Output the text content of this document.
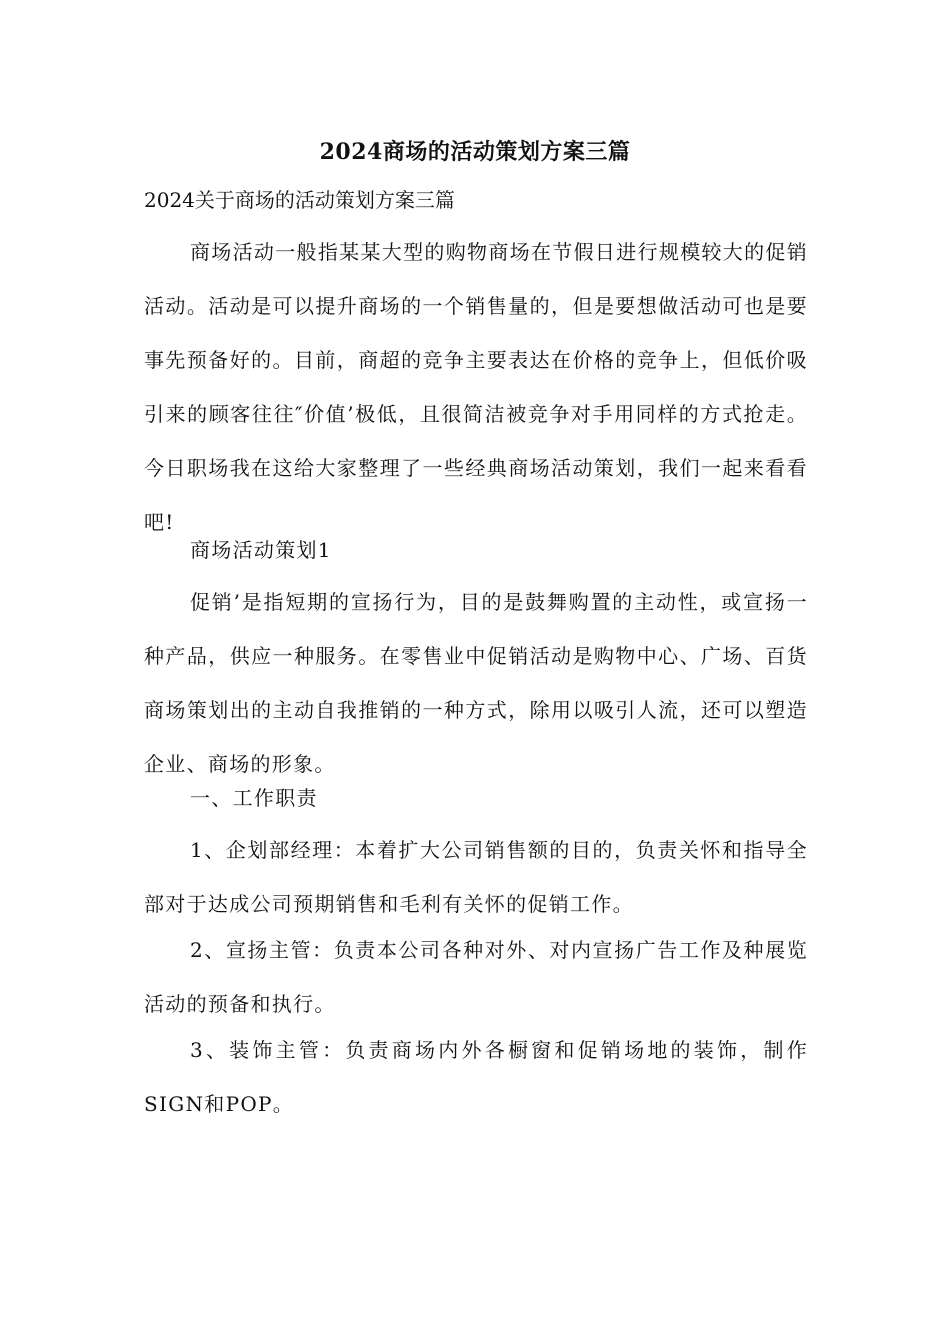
2024商场的活动策划方案三篇
2024关于商场的活动策划方案三篇

商场活动一般指某某大型的购物商场在节假日进行规模较大的促销活动。活动是可以提升商场的一个销售量的，但是要想做活动可也是要事先预备好的。目前，商超的竞争主要表达在价格的竞争上，但低价吸引来的顾客往往″价值’极低，且很简洁被竞争对手用同样的方式抢走。今日职场我在这给大家整理了一些经典商场活动策划，我们一起来看看吧!

商场活动策划1

促销’是指短期的宣扬行为，目的是鼓舞购置的主动性，或宣扬一种产品，供应一种服务。在零售业中促销活动是购物中心、广场、百货商场策划出的主动自我推销的一种方式，除用以吸引人流，还可以塑造企业、商场的形象。

一、工作职责

1、企划部经理：本着扩大公司销售额的目的，负责关怀和指导全部对于达成公司预期销售和毛利有关怀的促销工作。

2、宣扬主管：负责本公司各种对外、对内宣扬广告工作及种展览活动的预备和执行。

3、装饰主管：负责商场内外各橱窗和促销场地的装饰，制作SIGN和POP。
